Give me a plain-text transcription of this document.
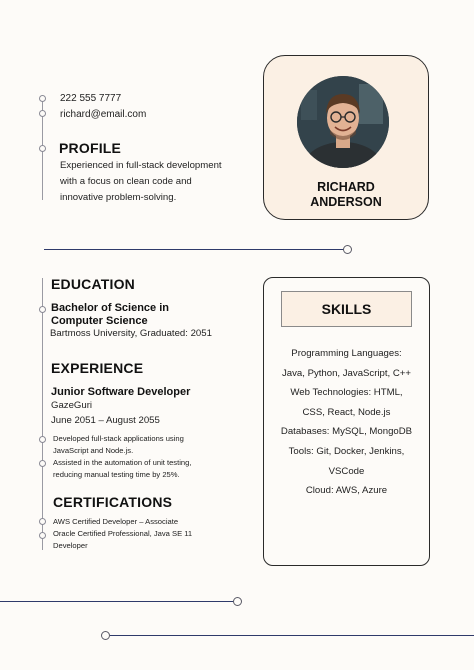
222 555 7777
richard@email.com
PROFILE
Experienced in full-stack development
with a focus on clean code and
innovative problem-solving.
RICHARD
ANDERSON
EDUCATION
Bachelor of Science in
Computer Science
Bartmoss University, Graduated: 2051
EXPERIENCE
Junior Software Developer
GazeGuri
June 2051 – August 2055
Developed full-stack applications using
JavaScript and Node.js.
Assisted in the automation of unit testing,
reducing manual testing time by 25%.
CERTIFICATIONS
AWS Certified Developer – Associate
Oracle Certified Professional, Java SE 11
Developer
SKILLS
Programming Languages:
Java, Python, JavaScript, C++
Web Technologies: HTML,
CSS, React, Node.js
Databases: MySQL, MongoDB
Tools: Git, Docker, Jenkins,
VSCode
Cloud: AWS, Azure
